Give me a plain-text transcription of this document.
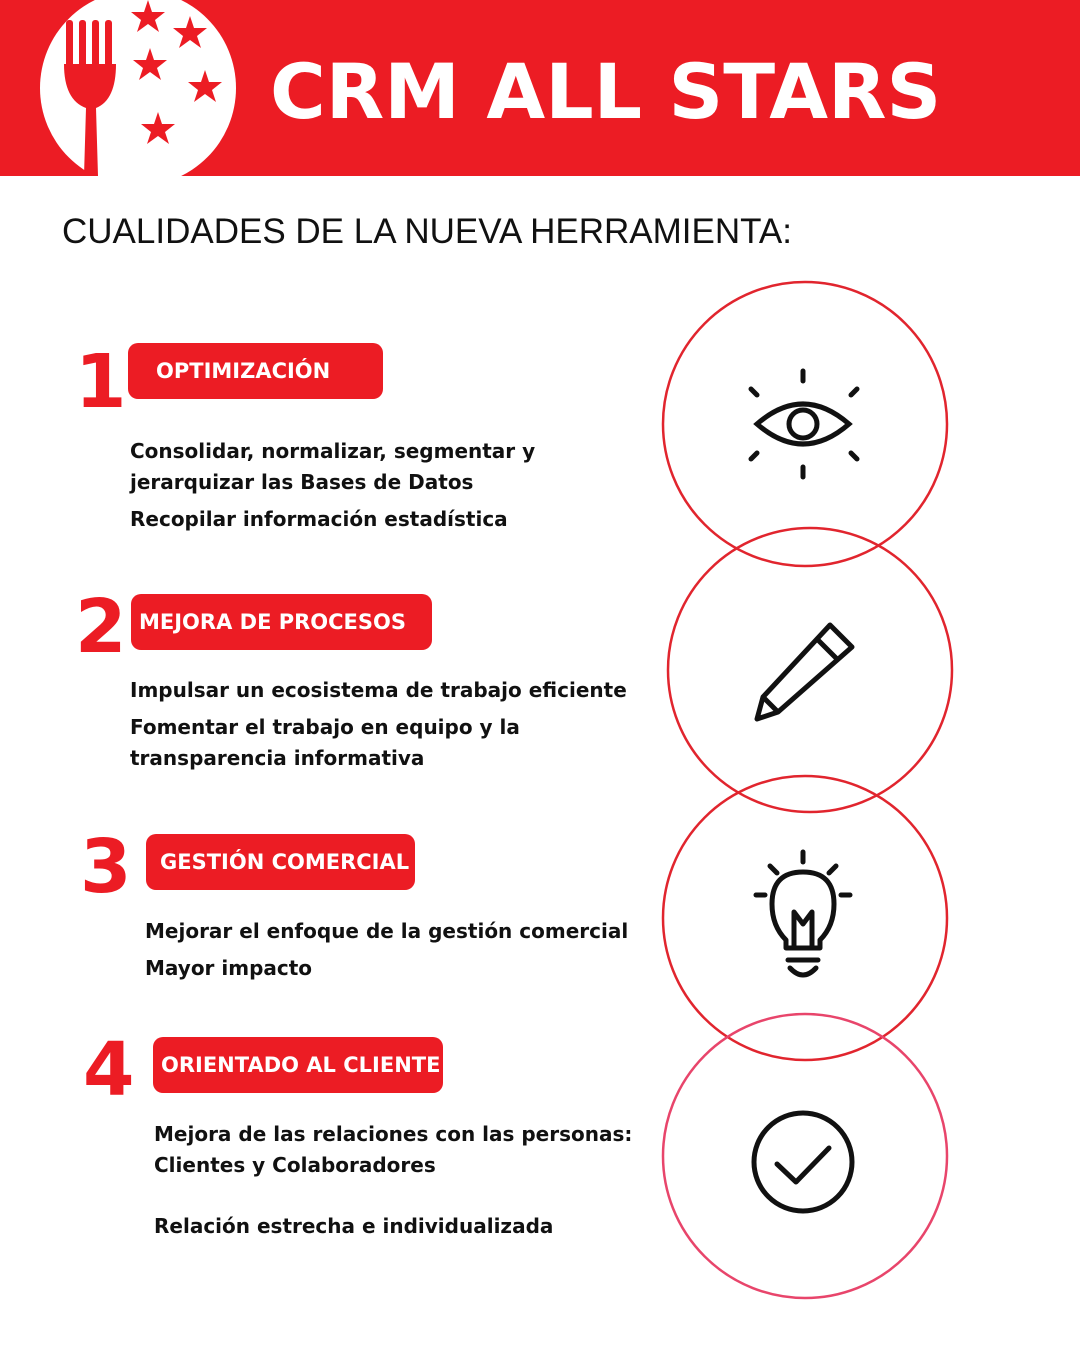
CRM ALL STARS
CUALIDADES DE LA NUEVA HERRAMIENTA:
1	OPTIMIZACIÓN

Consolidar, normalizar, segmentar y

jerarquizar las Bases de Datos

Recopilar información estadística

2 MEJORA DE PROCESOS

Impulsar un ecosistema de trabajo eficiente

Fomentar el trabajo en equipo y la

transparencia informativa

3	GESTIÓN COMERCIAL

Mejorar el enfoque de la gestión comercial

Mayor impacto

4	ORIENTADO AL CLIENTE

Mejora de las relaciones con las personas:

Clientes y Colaboradores

Relación estrecha e individualizada
